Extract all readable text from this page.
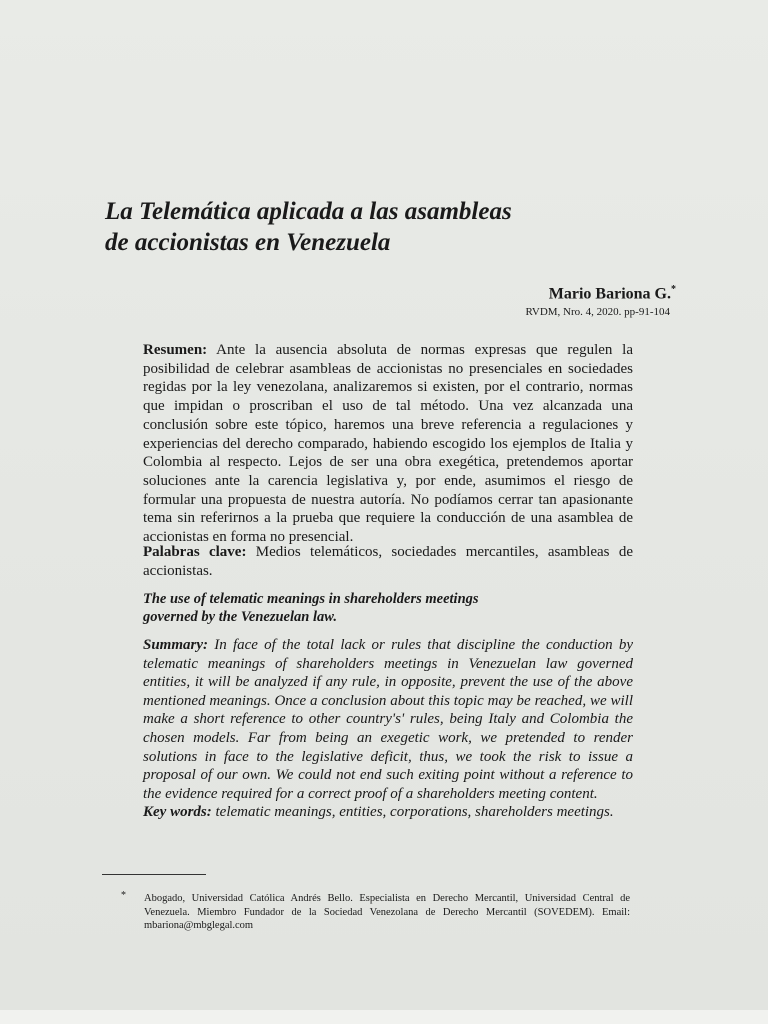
La Telemática aplicada a las asambleas
de accionistas en Venezuela
Mario Bariona G.*
RVDM, Nro. 4, 2020. pp-91-104

Resumen: Ante la ausencia absoluta de normas expresas que regulen la posibilidad de celebrar asambleas de accionistas no presenciales en sociedades regidas por la ley venezolana, analizaremos si existen, por el contrario, normas que impidan o proscriban el uso de tal método. Una vez alcanzada una conclusión sobre este tópico, haremos una breve referencia a regulaciones y experiencias del derecho comparado, habiendo escogido los ejemplos de Italia y Colombia al respecto. Lejos de ser una obra exegética, pretendemos aportar soluciones ante la carencia legislativa y, por ende, asumimos el riesgo de formular una propuesta de nuestra autoría. No podíamos cerrar tan apasionante tema sin referirnos a la prueba que requiere la conducción de una asamblea de accionistas en forma no presencial.

Palabras clave: Medios telemáticos, sociedades mercantiles, asambleas de accionistas.

The use of telematic meanings in shareholders meetings
governed by the Venezuelan law.

Summary: In face of the total lack or rules that discipline the conduction by telematic meanings of shareholders meetings in Venezuelan law governed entities, it will be analyzed if any rule, in opposite, prevent the use of the above mentioned meanings. Once a conclusion about this topic may be reached, we will make a short reference to other country's' rules, being Italy and Colombia the chosen models. Far from being an exegetic work, we pretended to render solutions in face to the legislative deficit, thus, we took the risk to issue a proposal of our own. We could not end such exiting point without a reference to the evidence required for a correct proof of a shareholders meeting content.

Key words: telematic meanings, entities, corporations, shareholders meetings.

* Abogado, Universidad Católica Andrés Bello. Especialista en Derecho Mercantil, Universidad Central de Venezuela. Miembro Fundador de la Sociedad Venezolana de Derecho Mercantil (SOVEDEM). Email: mbariona@mbglegal.com
